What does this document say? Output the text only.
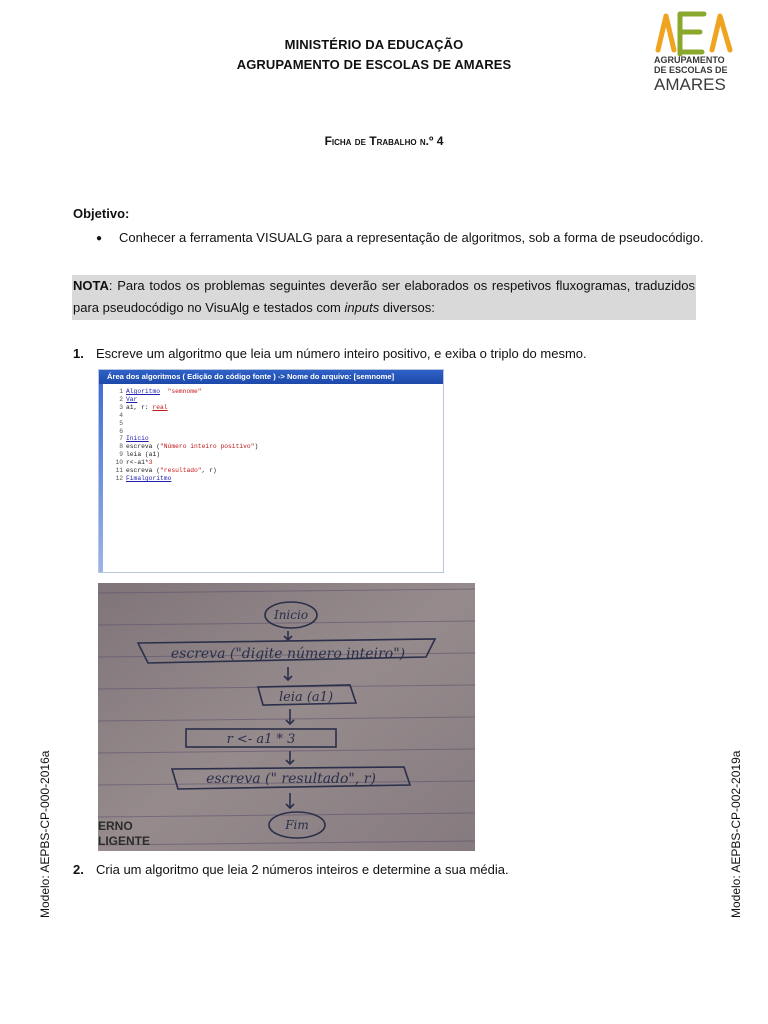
MINISTÉRIO DA EDUCAÇÃO
AGRUPAMENTO DE ESCOLAS DE AMARES	AGRUPAMENTO
DE ESCOLAS DE
AMARES
Ficha de Trabalho n.º 4
Objetivo:
● Conhecer a ferramenta VISUALG para a representação de algoritmos, sob a forma de pseudocódigo.
NOTA: Para todos os problemas seguintes deverão ser elaborados os respetivos fluxogramas, traduzidos
para pseudocódigo no VisuAlg e testados com inputs diversos:
1. Escreve um algoritmo que leia um número inteiro positivo, e exiba o triplo do mesmo.
Área dos algoritmos ( Edição do código fonte ) -> Nome do arquivo: [semnome]
1 Algoritmo "semnome"
2 Var
3 a1, r: real
4
5
6
7 Inicio
8 escreva ("Número inteiro positivo")
9 leia (a1)
10 r<-a1*3
11 escreva ("resultado", r)
12 Fimalgoritmo
Inicio
escreva ("digite número inteiro")
leia (a1)
r <- a1 * 3
escreva (" resultado", r)
Fim
ERNO
LIGENTE
2. Cria um algoritmo que leia 2 números inteiros e determine a sua média.
Modelo: AEPBS-CP-000-2016a	Modelo: AEPBS-CP-002-2019a
